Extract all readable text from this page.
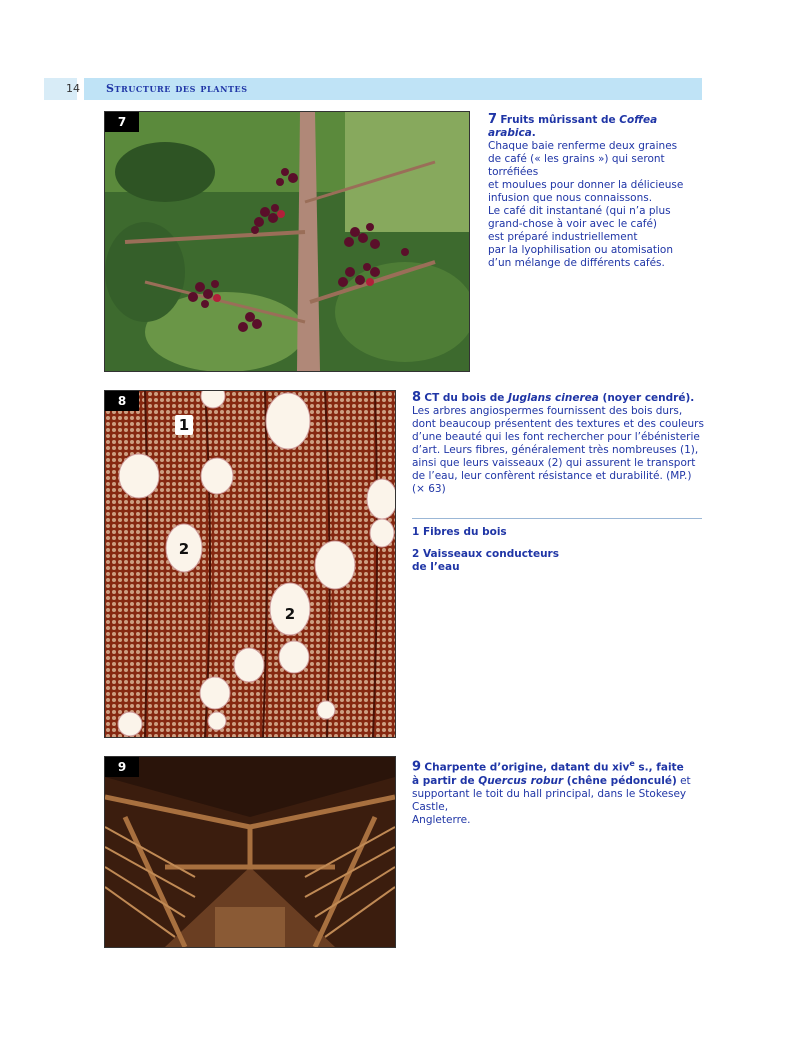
14 Structure des plantes
7	7 Fruits mûrissant de Coffea arabica.
Chaque baie renferme deux graines
de café (« les grains ») qui seront torréfiées
et moulues pour donner la délicieuse
infusion que nous connaissons.
Le café dit instantané (qui n’a plus
grand-chose à voir avec le café)
est préparé industriellement
par la lyophilisation ou atomisation
d’un mélange de différents cafés.
8
1
2
2
8 CT du bois de Juglans cinerea (noyer cendré).
Les arbres angiospermes fournissent des bois durs,
dont beaucoup présentent des textures et des couleurs
d’une beauté qui les font rechercher pour l’ébénisterie
d’art. Leurs fibres, généralement très nombreuses (1),
ainsi que leurs vaisseaux (2) qui assurent le transport
de l’eau, leur confèrent résistance et durabilité. (MP.)
(× 63)
1 Fibres du bois
2 Vaisseaux conducteurs
de l’eau
9	9 Charpente d’origine, datant du xiv$^e$ s., faite
à partir de Quercus robur (chêne pédonculé) et
supportant le toit du hall principal, dans le Stokesey Castle,
Angleterre.
